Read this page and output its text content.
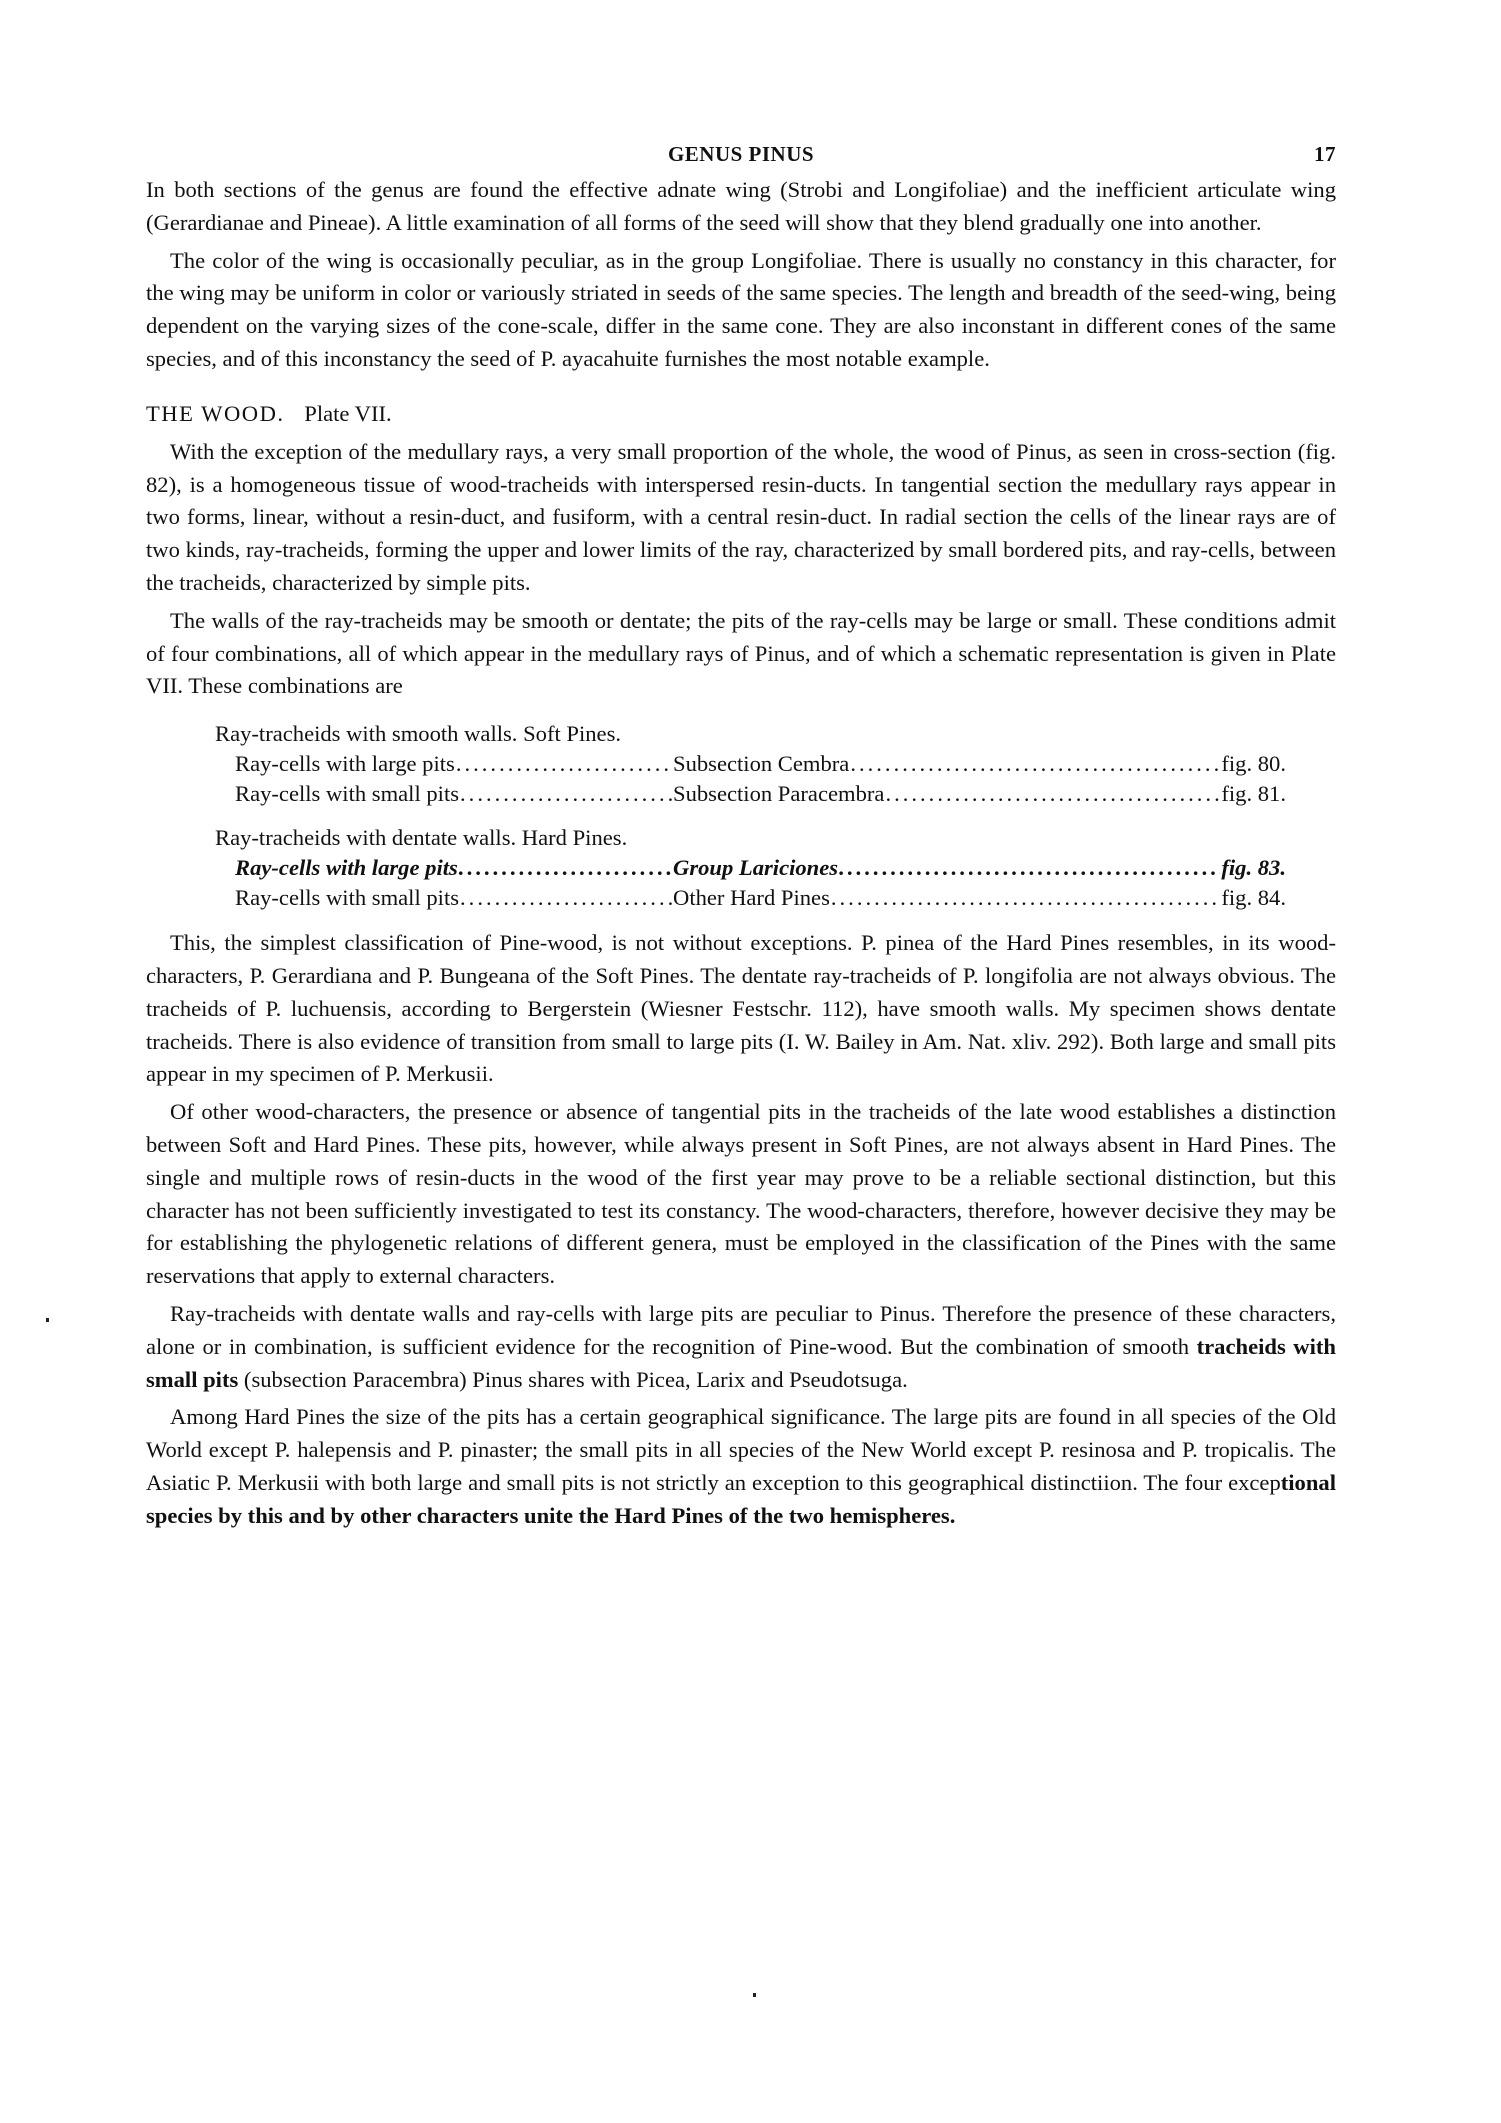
GENUS PINUS	17

In both sections of the genus are found the effective adnate wing (Strobi and Longifoliae) and the inefficient articulate wing (Gerardianae and Pineae). A little examination of all forms of the seed will show that they blend gradually one into another.

The color of the wing is occasionally peculiar, as in the group Longifoliae. There is usually no constancy in this character, for the wing may be uniform in color or variously striated in seeds of the same species. The length and breadth of the seed-wing, being dependent on the varying sizes of the cone-scale, differ in the same cone. They are also inconstant in different cones of the same species, and of this inconstancy the seed of P. ayacahuite furnishes the most notable example.

THE WOOD. Plate VII.

With the exception of the medullary rays, a very small proportion of the whole, the wood of Pinus, as seen in cross-section (fig. 82), is a homogeneous tissue of wood-tracheids with interspersed resin-ducts. In tangential section the medullary rays appear in two forms, linear, without a resin-duct, and fusiform, with a central resin-duct. In radial section the cells of the linear rays are of two kinds, ray-tracheids, forming the upper and lower limits of the ray, characterized by small bordered pits, and ray-cells, between the tracheids, characterized by simple pits.

The walls of the ray-tracheids may be smooth or dentate; the pits of the ray-cells may be large or small. These conditions admit of four combinations, all of which appear in the medullary rays of Pinus, and of which a schematic representation is given in Plate VII. These combinations are

Ray-tracheids with smooth walls. Soft Pines.
Ray-cells with large pits .....	Subsection Cembra .....	fig. 80.
Ray-cells with small pits .....	Subsection Paracembra .....	fig. 81.
Ray-tracheids with dentate walls. Hard Pines.
Ray-cells with large pits .....	Group Lariciones .....	fig. 83.
Ray-cells with small pits .....	Other Hard Pines .....	fig. 84.

This, the simplest classification of Pine-wood, is not without exceptions. P. pinea of the Hard Pines resembles, in its wood-characters, P. Gerardiana and P. Bungeana of the Soft Pines. The dentate ray-tracheids of P. longifolia are not always obvious. The tracheids of P. luchuensis, according to Bergerstein (Wiesner Festschr. 112), have smooth walls. My specimen shows dentate tracheids. There is also evidence of transition from small to large pits (I. W. Bailey in Am. Nat. xliv. 292). Both large and small pits appear in my specimen of P. Merkusii.

Of other wood-characters, the presence or absence of tangential pits in the tracheids of the late wood establishes a distinction between Soft and Hard Pines. These pits, however, while always present in Soft Pines, are not always absent in Hard Pines. The single and multiple rows of resin-ducts in the wood of the first year may prove to be a reliable sectional distinction, but this character has not been sufficiently investigated to test its constancy. The wood-characters, therefore, however decisive they may be for establishing the phylogenetic relations of different genera, must be employed in the classification of the Pines with the same reservations that apply to external characters.

Ray-tracheids with dentate walls and ray-cells with large pits are peculiar to Pinus. Therefore the presence of these characters, alone or in combination, is sufficient evidence for the recognition of Pine-wood. But the combination of smooth tracheids with small pits (subsection Paracembra) Pinus shares with Picea, Larix and Pseudotsuga.

Among Hard Pines the size of the pits has a certain geographical significance. The large pits are found in all species of the Old World except P. halepensis and P. pinaster; the small pits in all species of the New World except P. resinosa and P. tropicalis. The Asiatic P. Merkusii with both large and small pits is not strictly an exception to this geographical distinctiion. The four exceptional species by this and by other characters unite the Hard Pines of the two hemispheres.
